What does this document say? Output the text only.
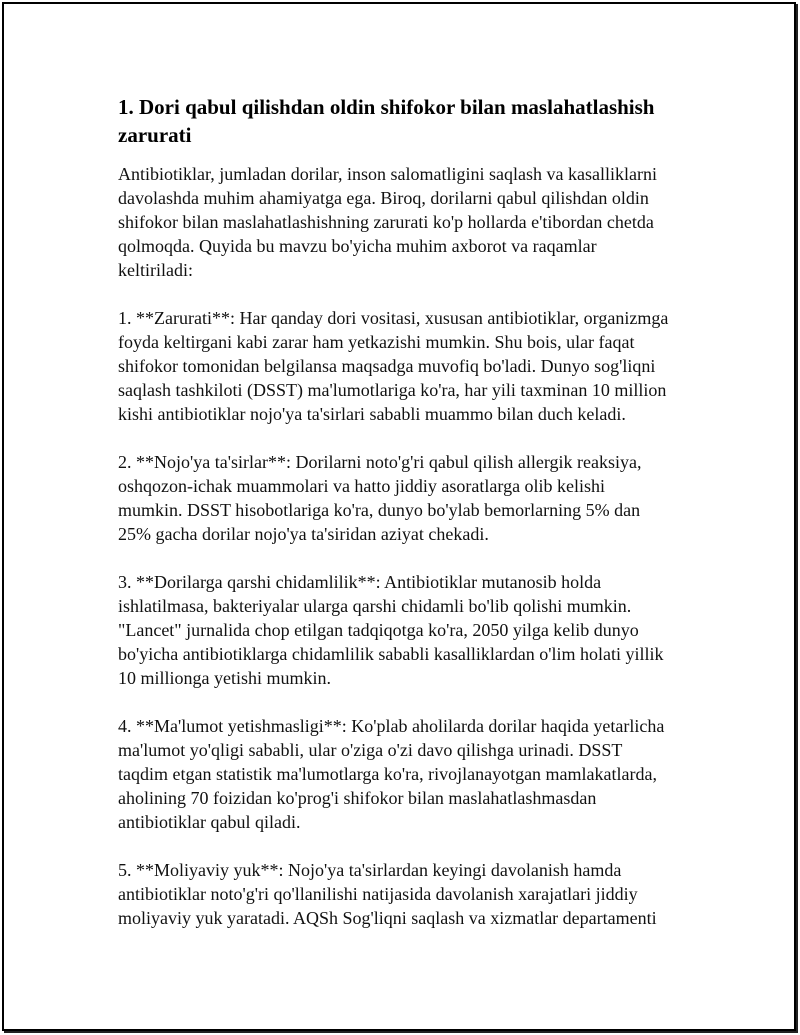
1. Dori qabul qilishdan oldin shifokor bilan maslahatlashish
zarurati
Antibiotiklar, jumladan dorilar, inson salomatligini saqlash va kasalliklarni
davolashda muhim ahamiyatga ega. Biroq, dorilarni qabul qilishdan oldin
shifokor bilan maslahatlashishning zarurati ko'p hollarda e'tibordan chetda
qolmoqda. Quyida bu mavzu bo'yicha muhim axborot va raqamlar
keltiriladi:
1. **Zarurati**: Har qanday dori vositasi, xususan antibiotiklar, organizmga
foyda keltirgani kabi zarar ham yetkazishi mumkin. Shu bois, ular faqat
shifokor tomonidan belgilansa maqsadga muvofiq bo'ladi. Dunyo sog'liqni
saqlash tashkiloti (DSST) ma'lumotlariga ko'ra, har yili taxminan 10 million
kishi antibiotiklar nojo'ya ta'sirlari sababli muammo bilan duch keladi.
2. **Nojo'ya ta'sirlar**: Dorilarni noto'g'ri qabul qilish allergik reaksiya,
oshqozon-ichak muammolari va hatto jiddiy asoratlarga olib kelishi
mumkin. DSST hisobotlariga ko'ra, dunyo bo'ylab bemorlarning 5% dan
25% gacha dorilar nojo'ya ta'siridan aziyat chekadi.
3. **Dorilarga qarshi chidamlilik**: Antibiotiklar mutanosib holda
ishlatilmasa, bakteriyalar ularga qarshi chidamli bo'lib qolishi mumkin.
"Lancet" jurnalida chop etilgan tadqiqotga ko'ra, 2050 yilga kelib dunyo
bo'yicha antibiotiklarga chidamlilik sababli kasalliklardan o'lim holati yillik
10 millionga yetishi mumkin.
4. **Ma'lumot yetishmasligi**: Ko'plab aholilarda dorilar haqida yetarlicha
ma'lumot yo'qligi sababli, ular o'ziga o'zi davo qilishga urinadi. DSST
taqdim etgan statistik ma'lumotlarga ko'ra, rivojlanayotgan mamlakatlarda,
aholining 70 foizidan ko'prog'i shifokor bilan maslahatlashmasdan
antibiotiklar qabul qiladi.
5. **Moliyaviy yuk**: Nojo'ya ta'sirlardan keyingi davolanish hamda
antibiotiklar noto'g'ri qo'llanilishi natijasida davolanish xarajatlari jiddiy
moliyaviy yuk yaratadi. AQSh Sog'liqni saqlash va xizmatlar departamenti
